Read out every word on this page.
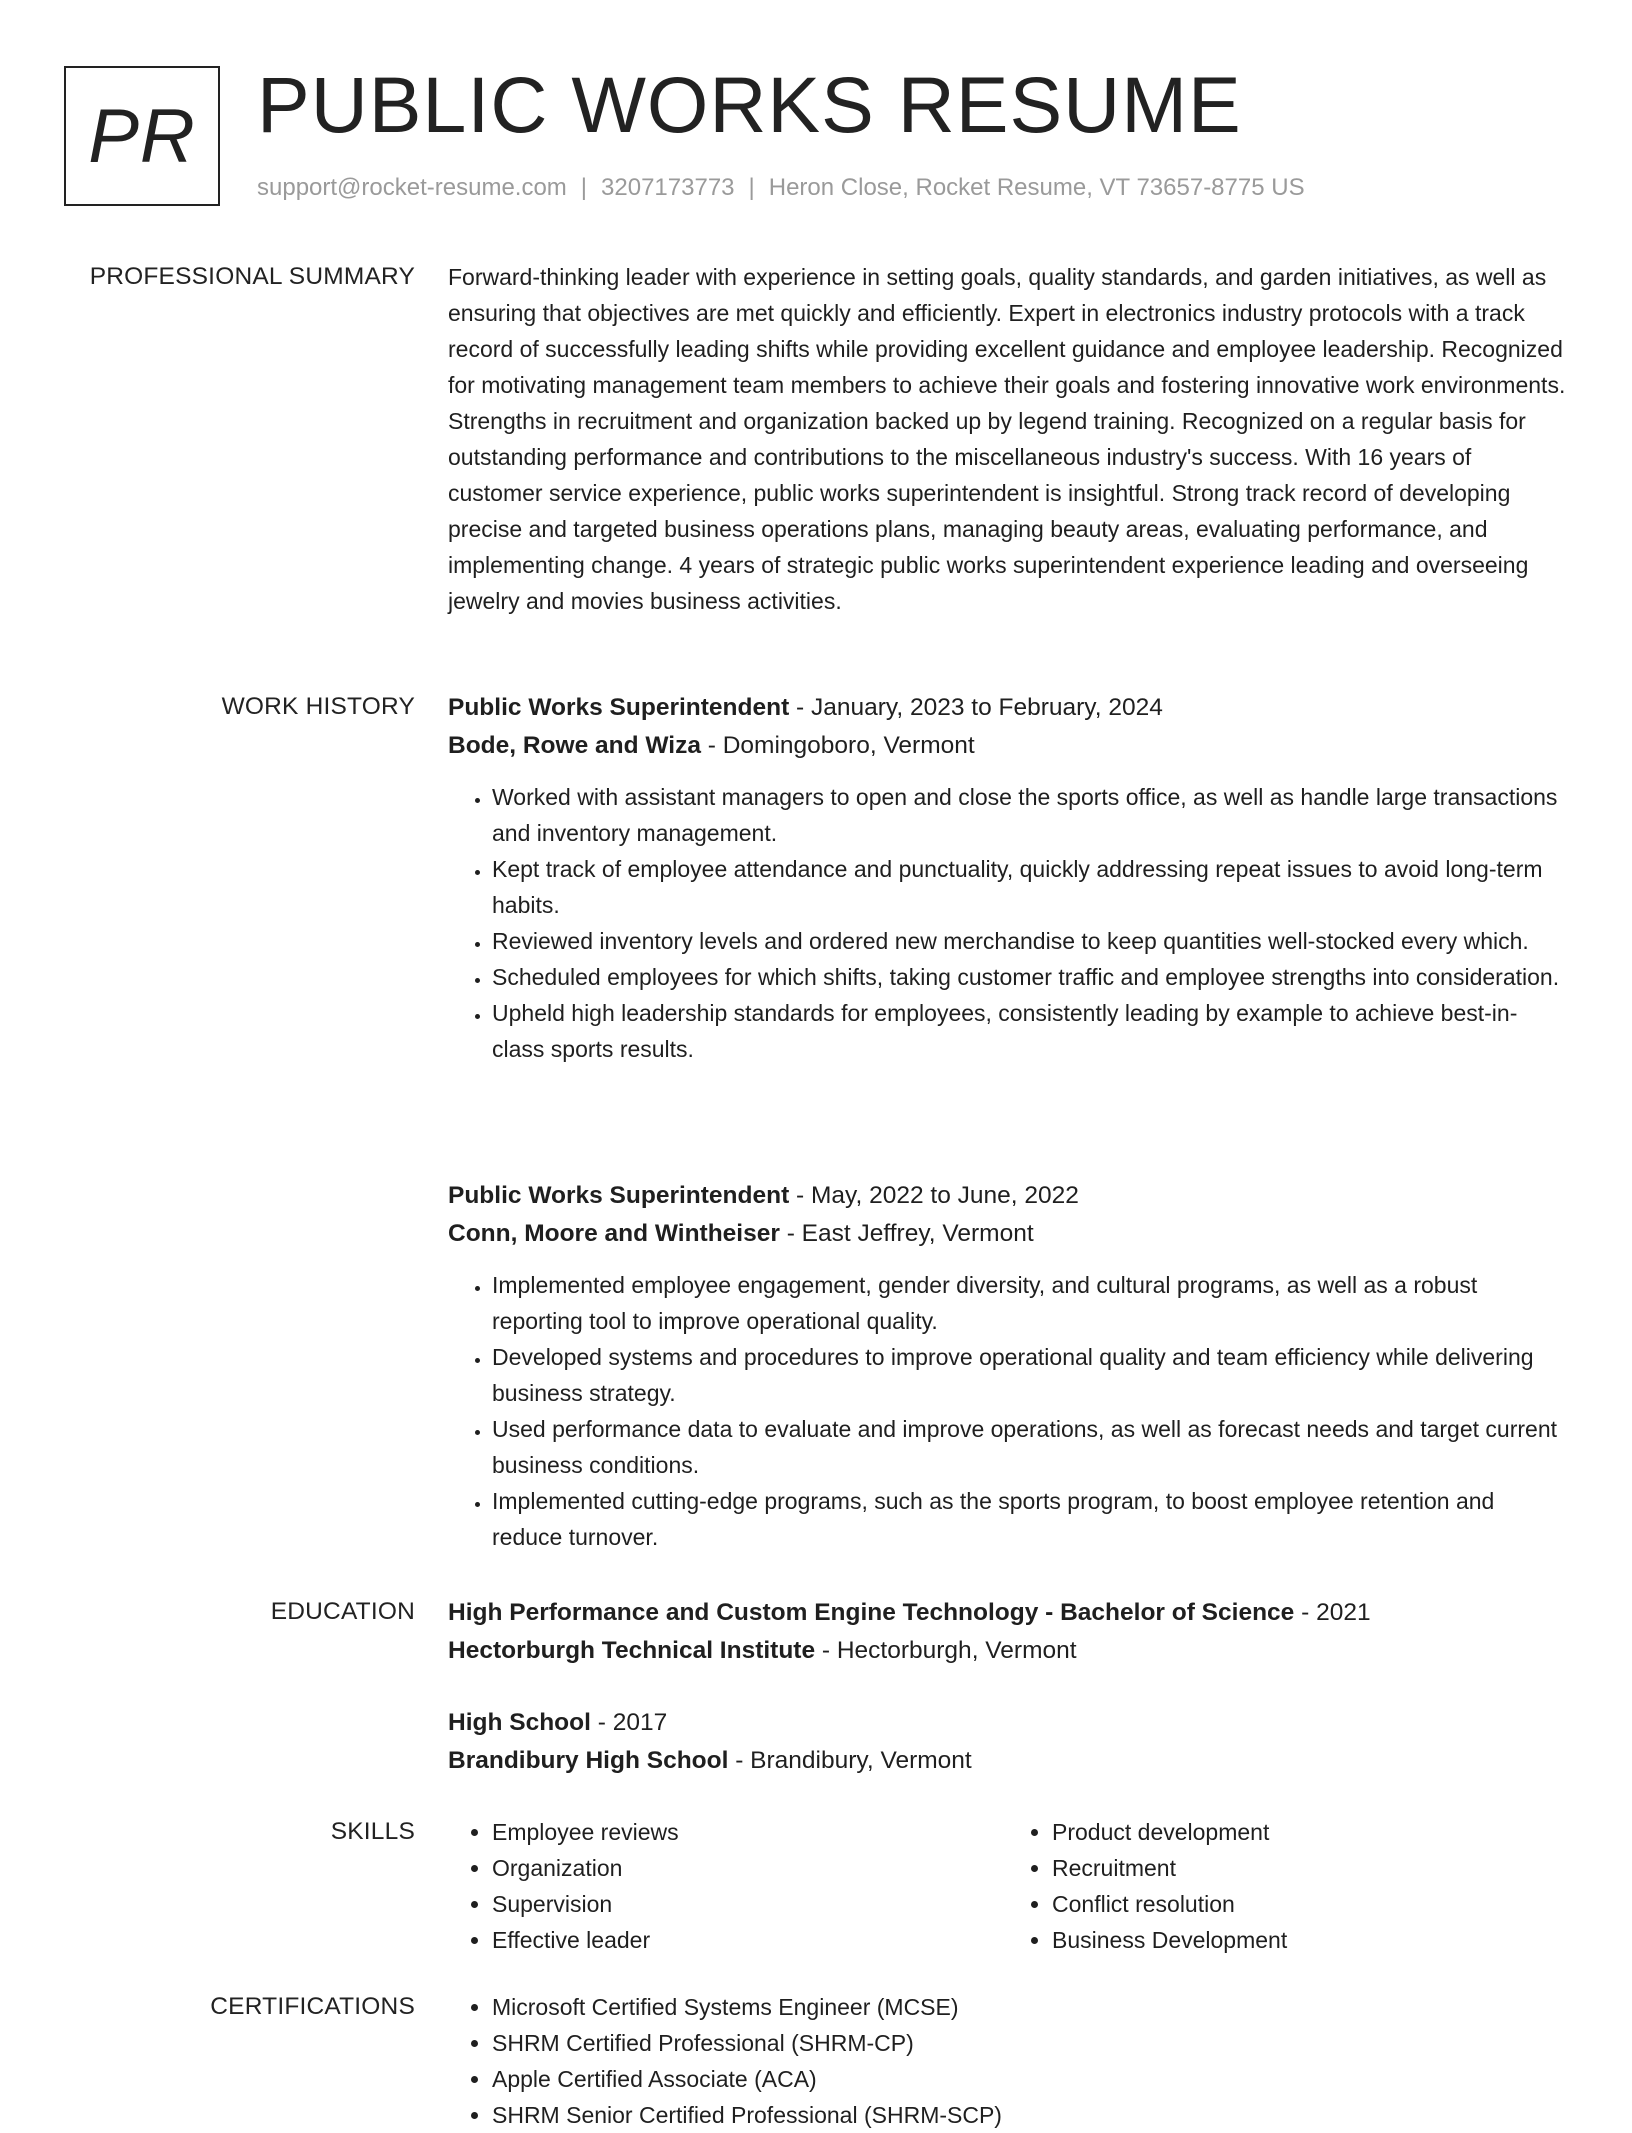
PR PUBLIC WORKS RESUME
support@rocket-resume.com | 3207173773 | Heron Close, Rocket Resume, VT 73657-8775 US
PROFESSIONAL SUMMARY Forward-thinking leader with experience in setting goals, quality standards, and garden initiatives, as well as ensuring that objectives are met quickly and efficiently. Expert in electronics industry protocols with a track record of successfully leading shifts while providing excellent guidance and employee leadership. Recognized for motivating management team members to achieve their goals and fostering innovative work environments. Strengths in recruitment and organization backed up by legend training. Recognized on a regular basis for outstanding performance and contributions to the miscellaneous industry's success. With 16 years of customer service experience, public works superintendent is insightful. Strong track record of developing precise and targeted business operations plans, managing beauty areas, evaluating performance, and implementing change. 4 years of strategic public works superintendent experience leading and overseeing jewelry and movies business activities.

WORK HISTORY Public Works Superintendent - January, 2023 to February, 2024
Bode, Rowe and Wiza - Domingoboro, Vermont
• Worked with assistant managers to open and close the sports office, as well as handle large transactions and inventory management.
• Kept track of employee attendance and punctuality, quickly addressing repeat issues to avoid long-term habits.
• Reviewed inventory levels and ordered new merchandise to keep quantities well-stocked every which.
• Scheduled employees for which shifts, taking customer traffic and employee strengths into consideration.
• Upheld high leadership standards for employees, consistently leading by example to achieve best-in-class sports results.
Public Works Superintendent - May, 2022 to June, 2022
Conn, Moore and Wintheiser - East Jeffrey, Vermont
• Implemented employee engagement, gender diversity, and cultural programs, as well as a robust reporting tool to improve operational quality.
• Developed systems and procedures to improve operational quality and team efficiency while delivering business strategy.
• Used performance data to evaluate and improve operations, as well as forecast needs and target current business conditions.
• Implemented cutting-edge programs, such as the sports program, to boost employee retention and reduce turnover.
EDUCATION High Performance and Custom Engine Technology - Bachelor of Science - 2021
Hectorburgh Technical Institute - Hectorburgh, Vermont
High School - 2017
Brandibury High School - Brandibury, Vermont
SKILLS	• Employee reviews
• Organization
• Supervision
• Effective leader
• Product development
• Recruitment
• Conflict resolution
• Business Development
CERTIFICATIONS	• Microsoft Certified Systems Engineer (MCSE)
• SHRM Certified Professional (SHRM-CP)
• Apple Certified Associate (ACA)
• SHRM Senior Certified Professional (SHRM-SCP)
